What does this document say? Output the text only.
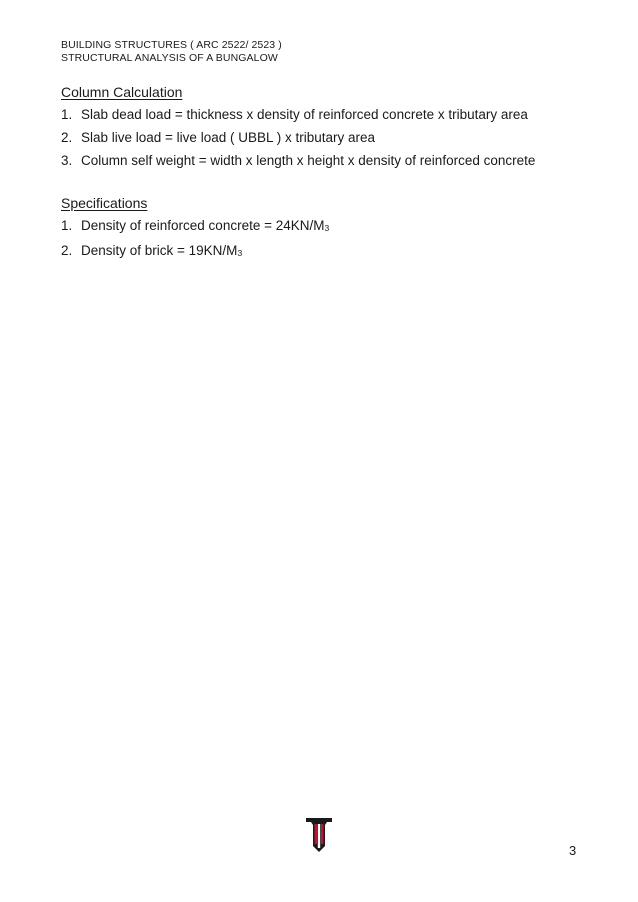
BUILDING STRUCTURES ( ARC 2522/ 2523 )
STRUCTURAL ANALYSIS OF A BUNGALOW
Column Calculation
1. Slab dead load = thickness x density of reinforced concrete x tributary area
2. Slab live load = live load ( UBBL ) x tributary area
3. Column self weight = width x length x height x density of reinforced concrete
Specifications
1. Density of reinforced concrete = 24KN/M3
2. Density of brick = 19KN/M3
3
